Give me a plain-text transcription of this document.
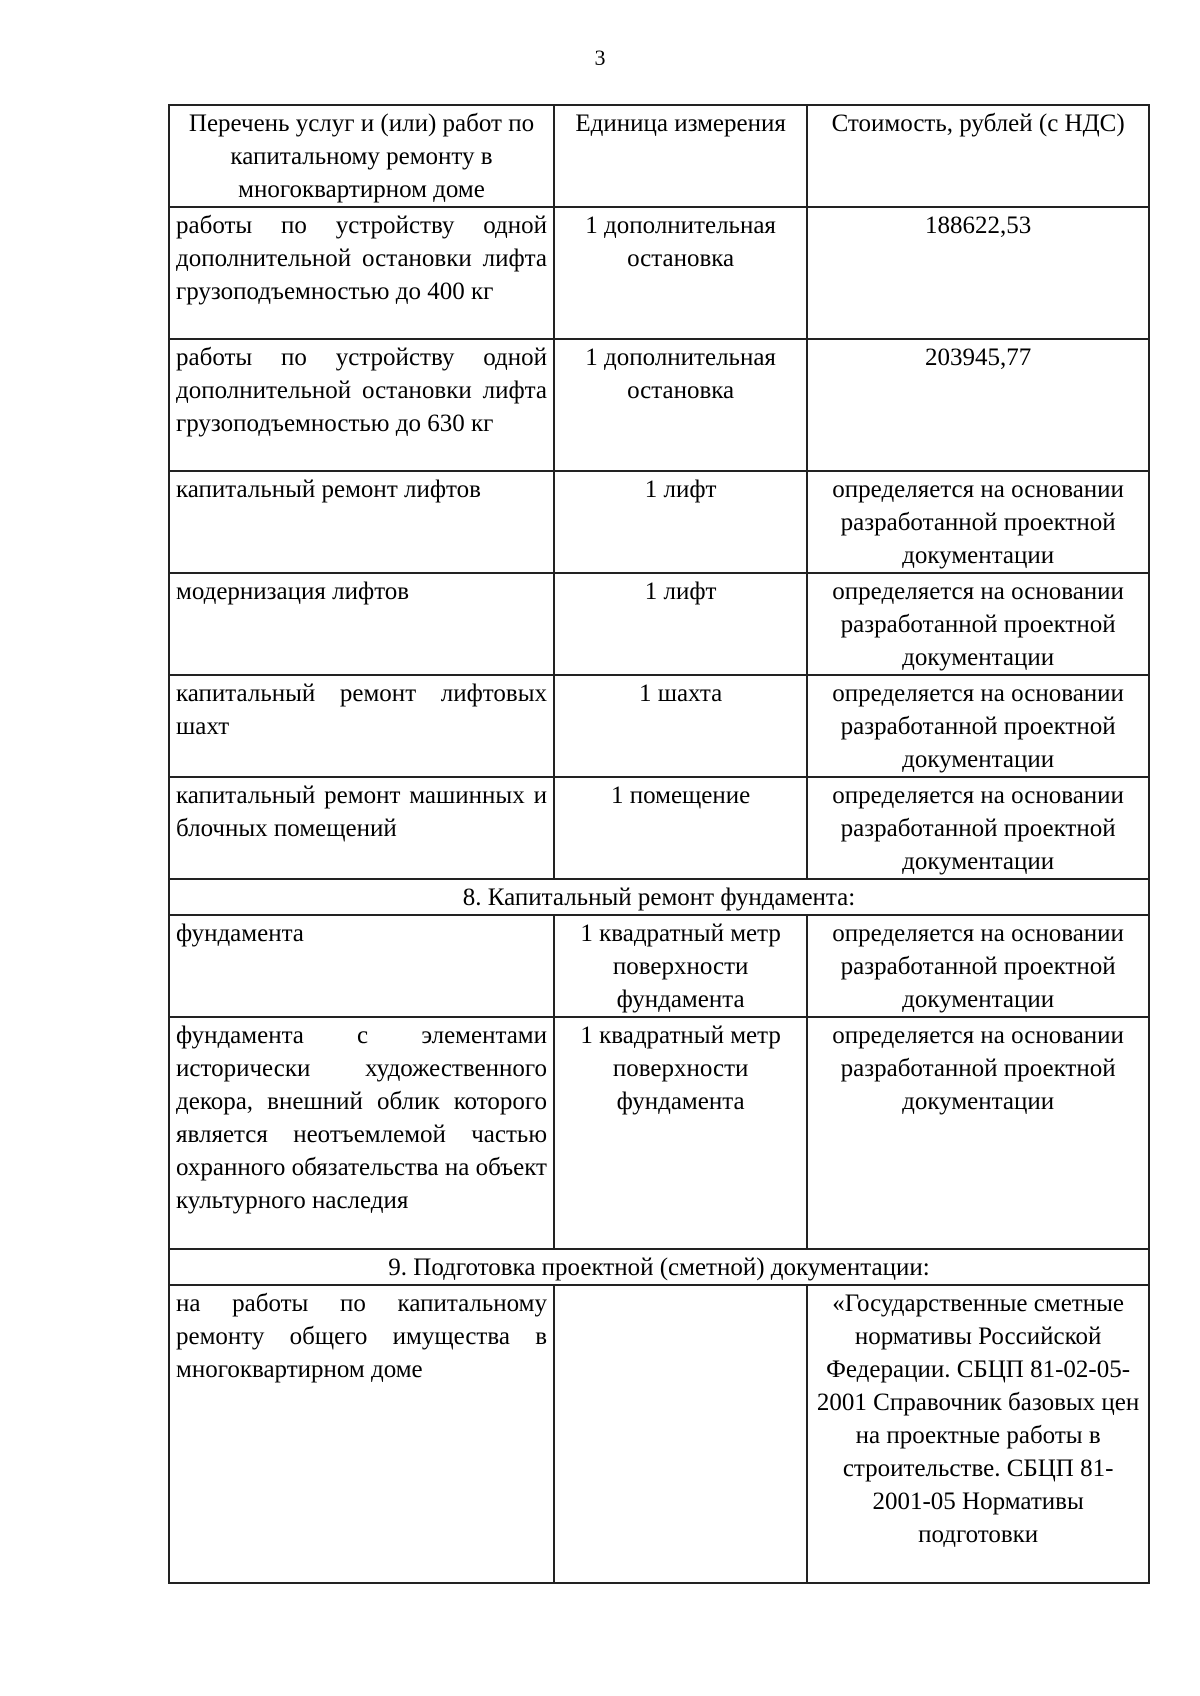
3
Перечень услуг и (или) работ по капитальному ремонту в многоквартирном доме	Единица измерения	Стоимость, рублей (с НДС)
работы по устройству одной дополнительной остановки лифта грузоподъемностью до 400 кг	1 дополнительная остановка	188622,53
работы по устройству одной дополнительной остановки лифта грузоподъемностью до 630 кг	1 дополнительная остановка	203945,77
капитальный ремонт лифтов	1 лифт	определяется на основании разработанной проектной документации
модернизация лифтов	1 лифт	определяется на основании разработанной проектной документации
капитальный ремонт лифтовых шахт	1 шахта	определяется на основании разработанной проектной документации
капитальный ремонт машинных и блочных помещений	1 помещение	определяется на основании разработанной проектной документации
8. Капитальный ремонт фундамента:		
фундамента	1 квадратный метр поверхности фундамента	определяется на основании разработанной проектной документации
фундамента с элементами исторически художественного декора, внешний облик которого является неотъемлемой частью охранного обязательства на объект культурного наследия	1 квадратный метр поверхности фундамента	определяется на основании разработанной проектной документации
9. Подготовка проектной (сметной) документации:		
на работы по капитальному ремонту общего имущества в многоквартирном доме		«Государственные сметные нормативы Российской Федерации. СБЦП 81-02-05-2001 Справочник базовых цен на проектные работы в строительстве. СБЦП 81-2001-05 Нормативы подготовки
